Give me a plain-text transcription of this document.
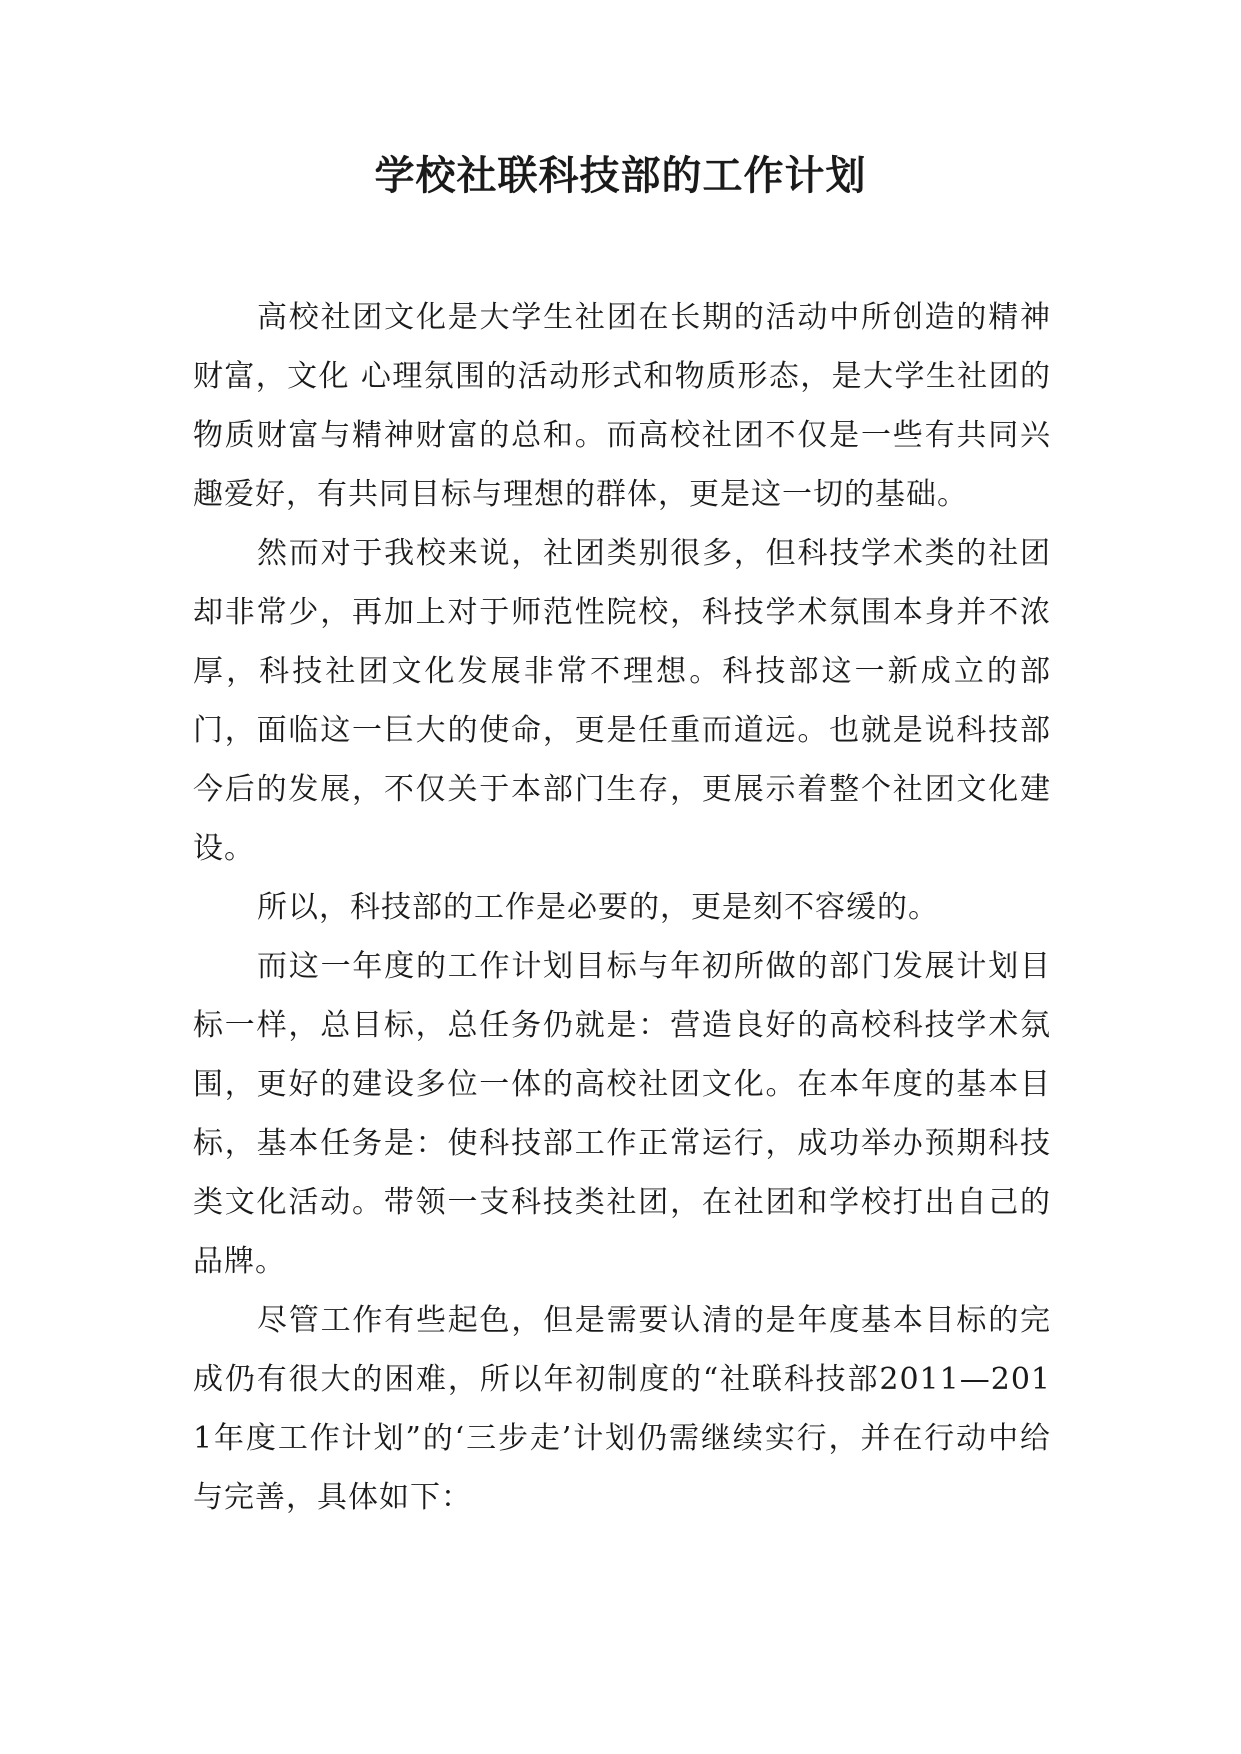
学校社联科技部的工作计划

高校社团文化是大学生社团在长期的活动中所创造的精神财富，文化 心理氛围的活动形式和物质形态，是大学生社团的物质财富与精神财富的总和。而高校社团不仅是一些有共同兴趣爱好，有共同目标与理想的群体，更是这一切的基础。

然而对于我校来说，社团类别很多，但科技学术类的社团却非常少，再加上对于师范性院校，科技学术氛围本身并不浓厚，科技社团文化发展非常不理想。科技部这一新成立的部门，面临这一巨大的使命，更是任重而道远。也就是说科技部今后的发展，不仅关于本部门生存，更展示着整个社团文化建设。

所以，科技部的工作是必要的，更是刻不容缓的。

而这一年度的工作计划目标与年初所做的部门发展计划目标一样，总目标，总任务仍就是：营造良好的高校科技学术氛围，更好的建设多位一体的高校社团文化。在本年度的基本目标，基本任务是：使科技部工作正常运行，成功举办预期科技类文化活动。带领一支科技类社团，在社团和学校打出自己的品牌。

尽管工作有些起色，但是需要认清的是年度基本目标的完成仍有很大的困难，所以年初制度的“社联科技部2011—2011年度工作计划”的‘三步走’计划仍需继续实行，并在行动中给与完善，具体如下：
